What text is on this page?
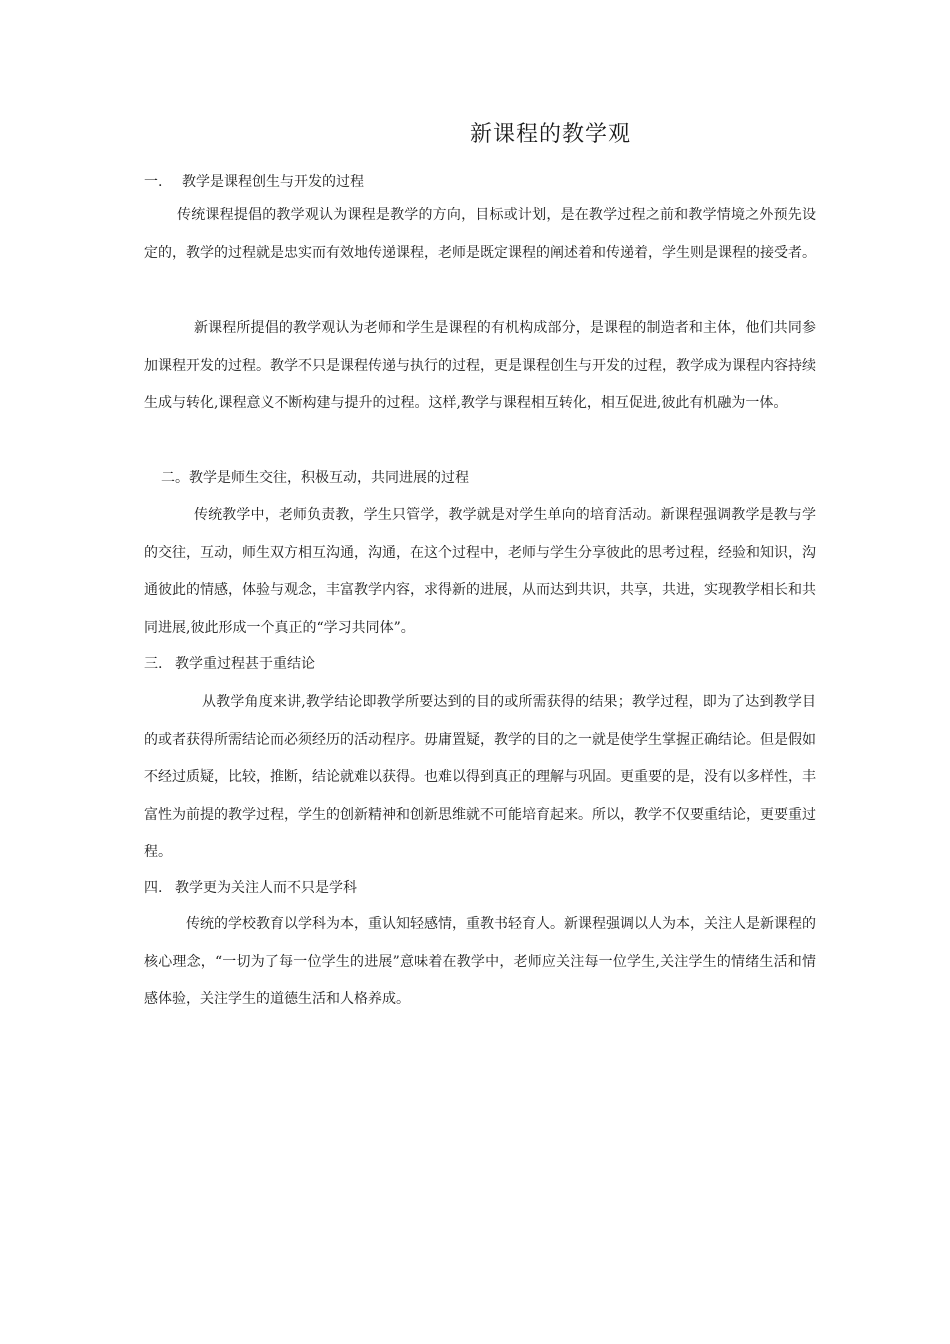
新课程的教学观
一. 教学是课程创生与开发的过程

传统课程提倡的教学观认为课程是教学的方向，目标或计划，是在教学过程之前和教学情境之外预先设定的，教学的过程就是忠实而有效地传递课程，老师是既定课程的阐述着和传递着，学生则是课程的接受者。

新课程所提倡的教学观认为老师和学生是课程的有机构成部分，是课程的制造者和主体，他们共同参加课程开发的过程。教学不只是课程传递与执行的过程，更是课程创生与开发的过程，教学成为课程内容持续生成与转化,课程意义不断构建与提升的过程。这样,教学与课程相互转化，相互促进,彼此有机融为一体。

二。教学是师生交往，积极互动，共同进展的过程

传统教学中，老师负责教，学生只管学，教学就是对学生单向的培育活动。新课程强调教学是教与学的交往，互动，师生双方相互沟通，沟通，在这个过程中，老师与学生分享彼此的思考过程，经验和知识，沟通彼此的情感，体验与观念，丰富教学内容，求得新的进展，从而达到共识，共享，共进，实现教学相长和共同进展,彼此形成一个真正的“学习共同体”。

三. 教学重过程甚于重结论

从教学角度来讲,教学结论即教学所要达到的目的或所需获得的结果；教学过程，即为了达到教学目的或者获得所需结论而必须经历的活动程序。毋庸置疑，教学的目的之一就是使学生掌握正确结论。但是假如不经过质疑，比较，推断，结论就难以获得。也难以得到真正的理解与巩固。更重要的是，没有以多样性，丰富性为前提的教学过程，学生的创新精神和创新思维就不可能培育起来。所以，教学不仅要重结论，更要重过程。

四. 教学更为关注人而不只是学科

传统的学校教育以学科为本，重认知轻感情，重教书轻育人。新课程强调以人为本，关注人是新课程的核心理念，“一切为了每一位学生的进展”意味着在教学中，老师应关注每一位学生,关注学生的情绪生活和情感体验，关注学生的道德生活和人格养成。
